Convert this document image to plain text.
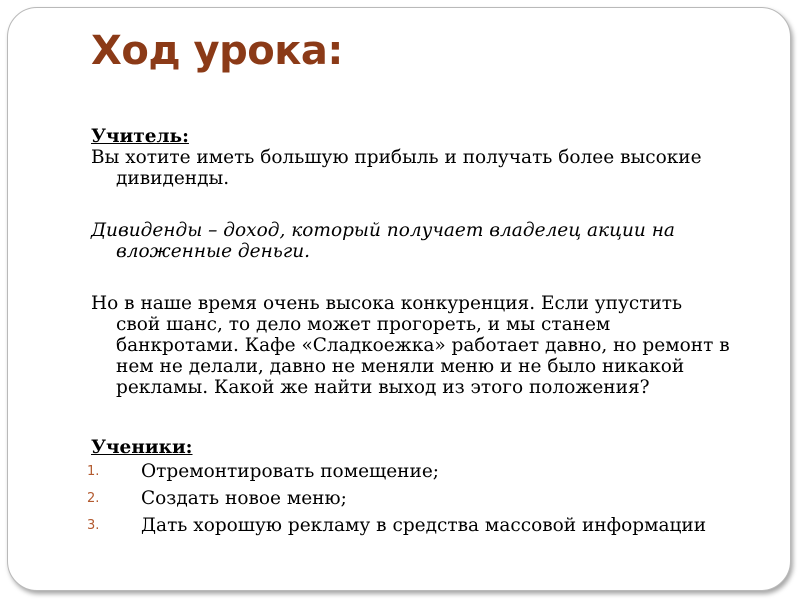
Ход урока:
Учитель:
Вы хотите иметь большую прибыль и получать более высокие дивиденды.
Дивиденды – доход, который получает владелец акции на вложенные деньги.
Но в наше время очень высока конкуренция. Если упустить свой шанс, то дело может прогореть, и мы станем банкротами. Кафе «Сладкоежка» работает давно, но ремонт в нем не делали, давно не меняли меню и не было никакой рекламы. Какой же найти выход из этого положения?
Ученики:
1. Отремонтировать помещение;
2. Создать новое меню;
3. Дать хорошую рекламу в средства массовой информации
